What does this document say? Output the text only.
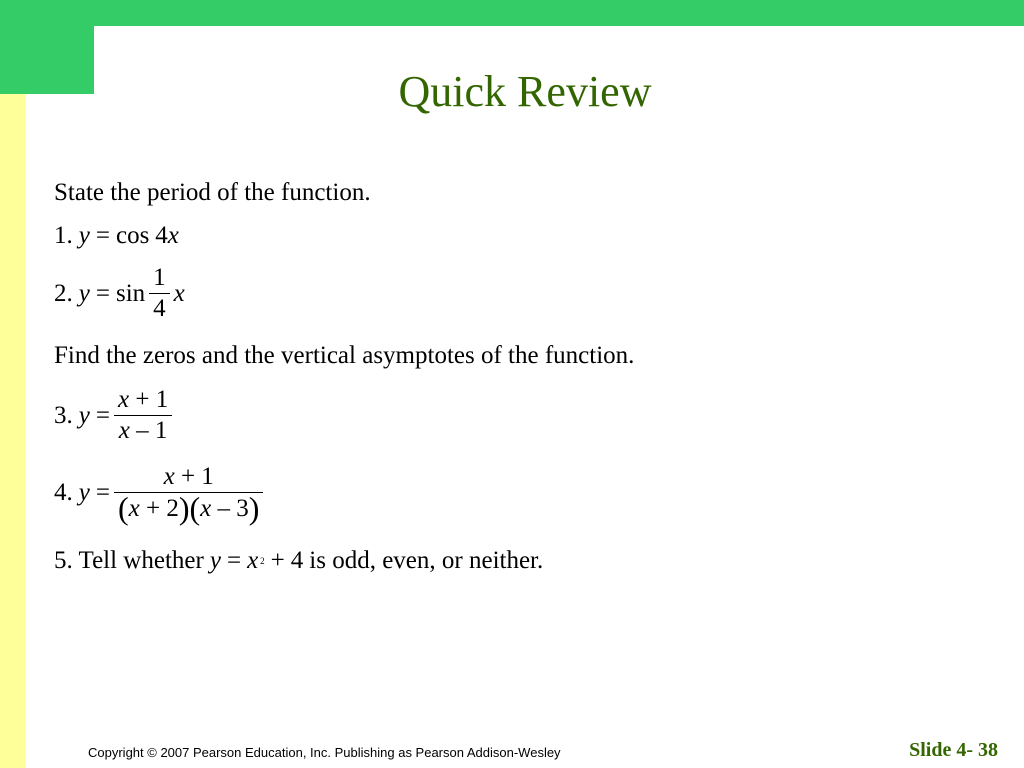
Quick Review
State the period of the function.
1. y = cos 4 x
2. $y = \sin \frac{1}{4}$ x
Find the zeros and the vertical asymptotes of the function.
3. $y = \frac{x + 1}{x - 1}$
4. $y = \frac{x + 1}{(x + 2)(x - 3)}$
5. Tell whether y = x 2 + 4 is odd, even, or neither.
Copyright © 2007 Pearson Education, Inc. Publishing as Pearson Addison-Wesley	Slide 4- 38
